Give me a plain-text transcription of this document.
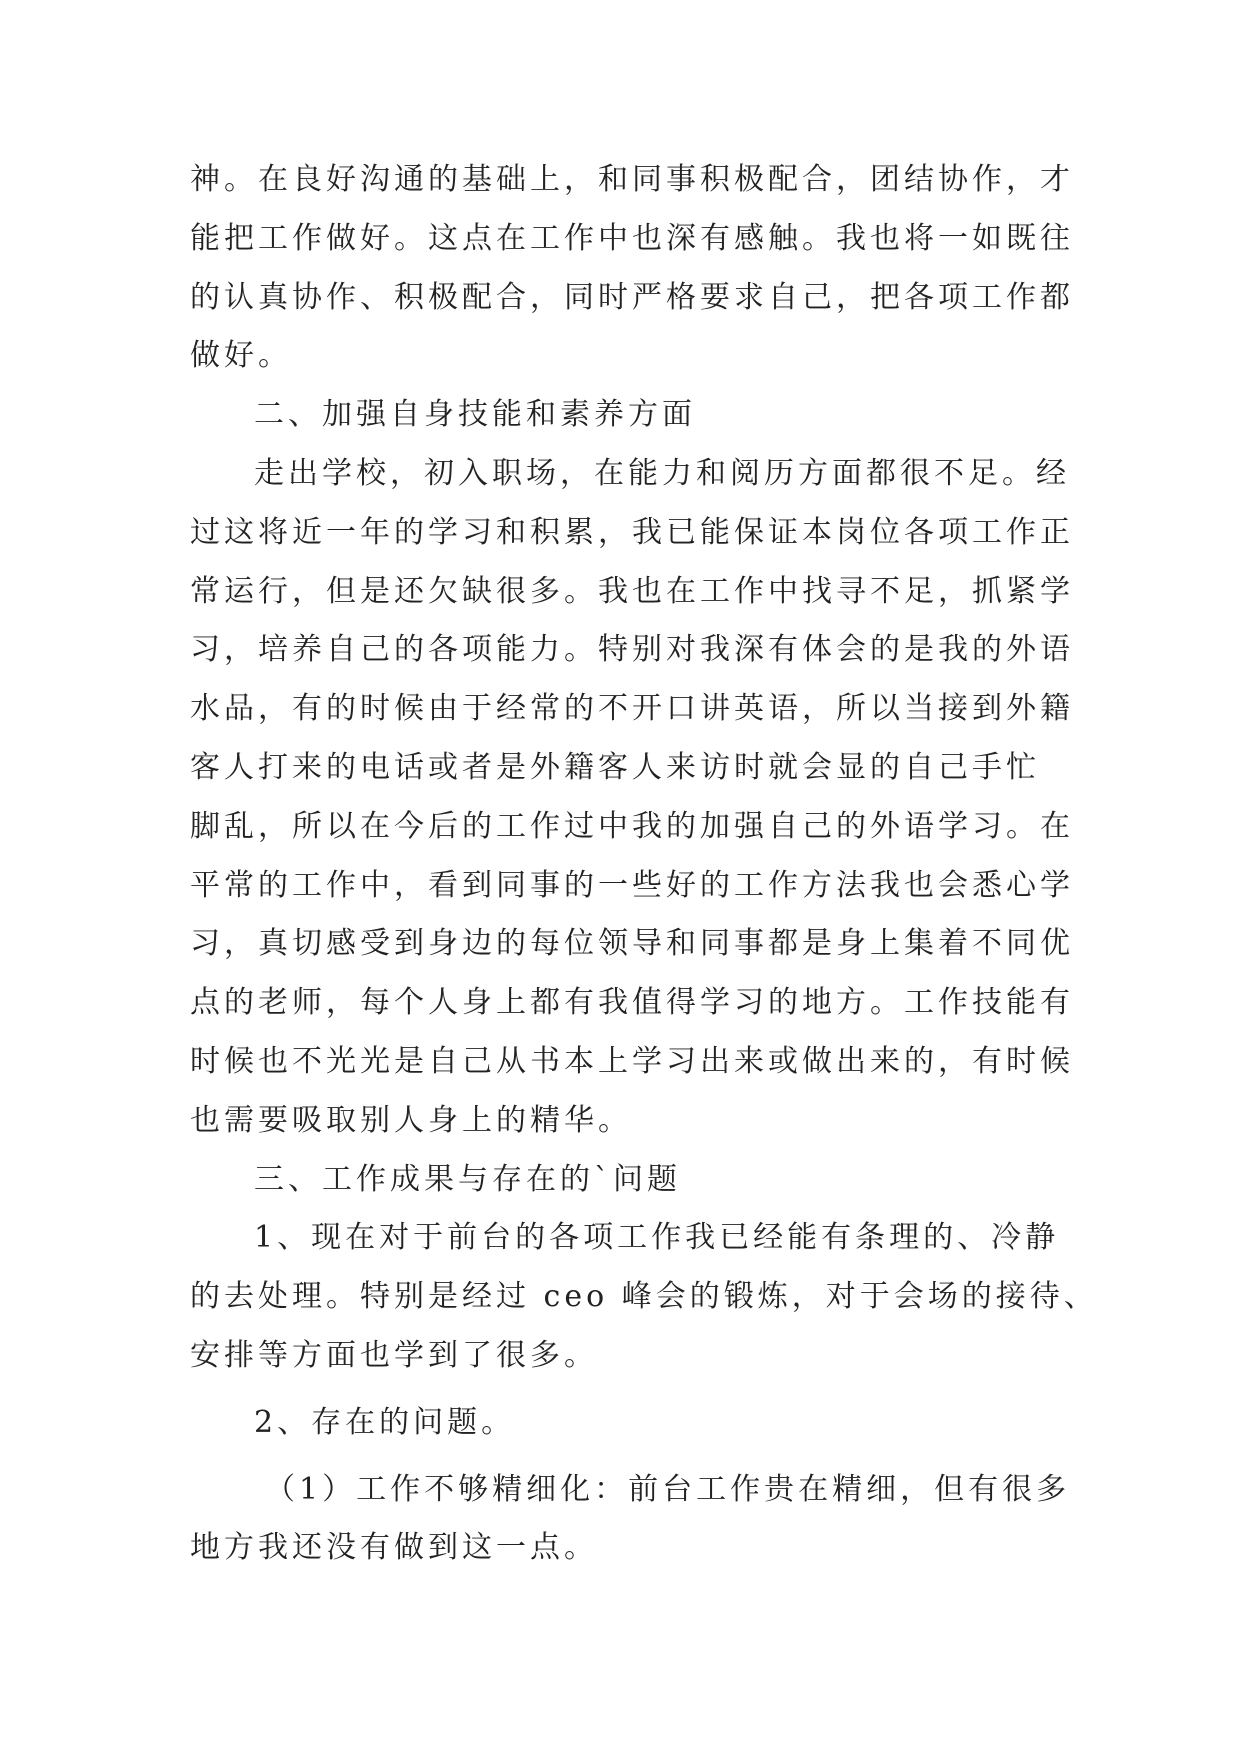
神。在良好沟通的基础上，和同事积极配合，团结协作，才
能把工作做好。这点在工作中也深有感触。我也将一如既往
的认真协作、积极配合，同时严格要求自己，把各项工作都
做好。
二、加强自身技能和素养方面
走出学校，初入职场，在能力和阅历方面都很不足。经
过这将近一年的学习和积累，我已能保证本岗位各项工作正
常运行，但是还欠缺很多。我也在工作中找寻不足，抓紧学
习，培养自己的各项能力。特别对我深有体会的是我的外语
水品，有的时候由于经常的不开口讲英语，所以当接到外籍
客人打来的电话或者是外籍客人来访时就会显的自己手忙
脚乱，所以在今后的工作过中我的加强自己的外语学习。在
平常的工作中，看到同事的一些好的工作方法我也会悉心学
习，真切感受到身边的每位领导和同事都是身上集着不同优
点的老师，每个人身上都有我值得学习的地方。工作技能有
时候也不光光是自己从书本上学习出来或做出来的，有时候
也需要吸取别人身上的精华。
三、工作成果与存在的`问题
1、现在对于前台的各项工作我已经能有条理的、冷静
的去处理。特别是经过 ceo 峰会的锻炼，对于会场的接待、
安排等方面也学到了很多。
2、存在的问题。
（1）工作不够精细化：前台工作贵在精细，但有很多
地方我还没有做到这一点。
